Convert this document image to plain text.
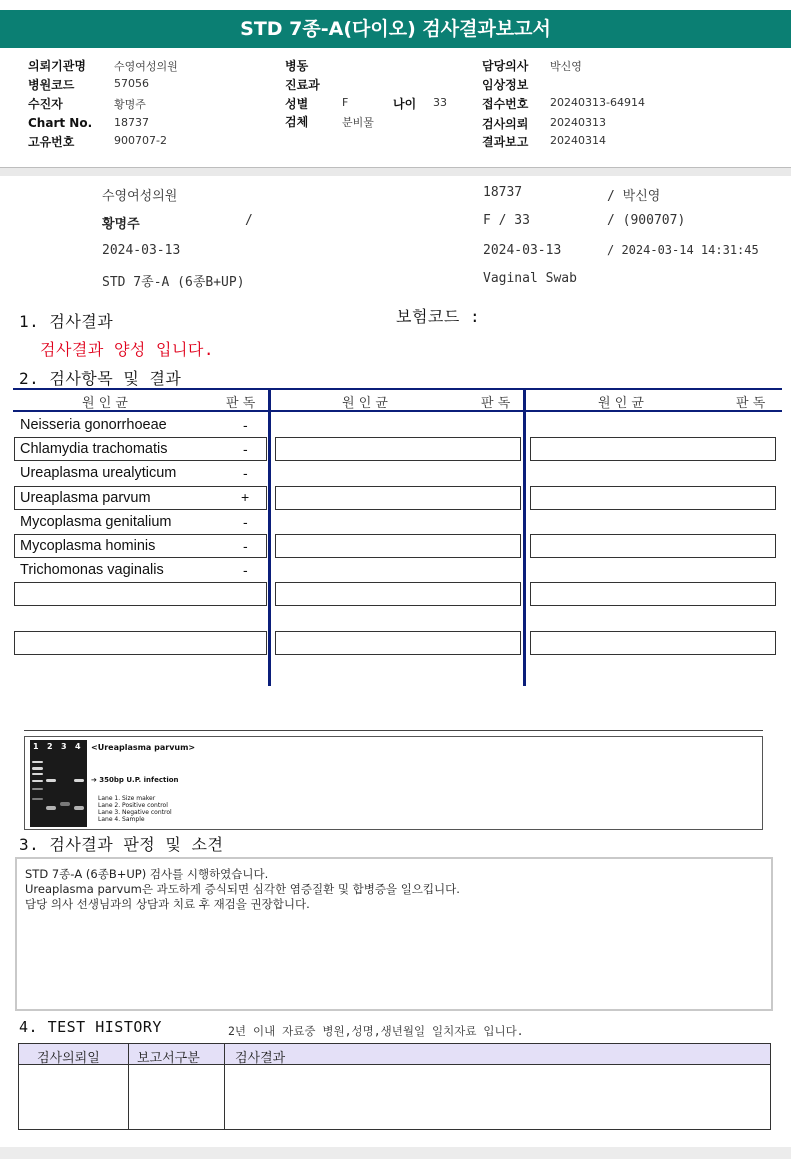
STD 7종-A(다이오) 검사결과보고서
의뢰기관명	수영여성의원
병원코드	57056
수진자	황명주
Chart No. 18737
고유번호	900707-2
병동
진료과
성별	F	나이 33
검체	분비물
담당의사 박신영
임상정보
접수번호 20240313-64914
검사의뢰 20240313
결과보고 20240314
수영여성의원	18737	/ 박신영
황명주	/	F / 33	/ (900707)
2024-03-13	2024-03-13	/ 2024-03-14 14:31:45
STD 7종-A (6종B+UP)	Vaginal Swab
1. 검사결과	보험코드 :
검사결과 양성 입니다.
2. 검사항목 및 결과
원 인 균	판 독	원 인 균	판 독	원 인 균	판 독
Neisseria gonorrhoeae	-
Chlamydia trachomatis	-
Ureaplasma urealyticum	-
Ureaplasma parvum	+
Mycoplasma genitalium	-
Mycoplasma hominis	-
Trichomonas vaginalis	-
1 2 3 4 <Ureaplasma parvum>
➔ 350bp U.P. infection
Lane 1. Size maker
Lane 2. Positive control
Lane 3. Negative control
Lane 4. Sample
3. 검사결과 판정 및 소견
STD 7종-A (6종B+UP) 검사를 시행하였습니다.
Ureaplasma parvum은 과도하게 증식되면 심각한 염증질환 및 합병증을 일으킵니다.
담당 의사 선생님과의 상담과 치료 후 재검을 권장합니다.
4. TEST HISTORY	2년 이내 자료중 병원,성명,생년월일 일치자료 입니다.
검사의뢰일	보고서구분	검사결과
